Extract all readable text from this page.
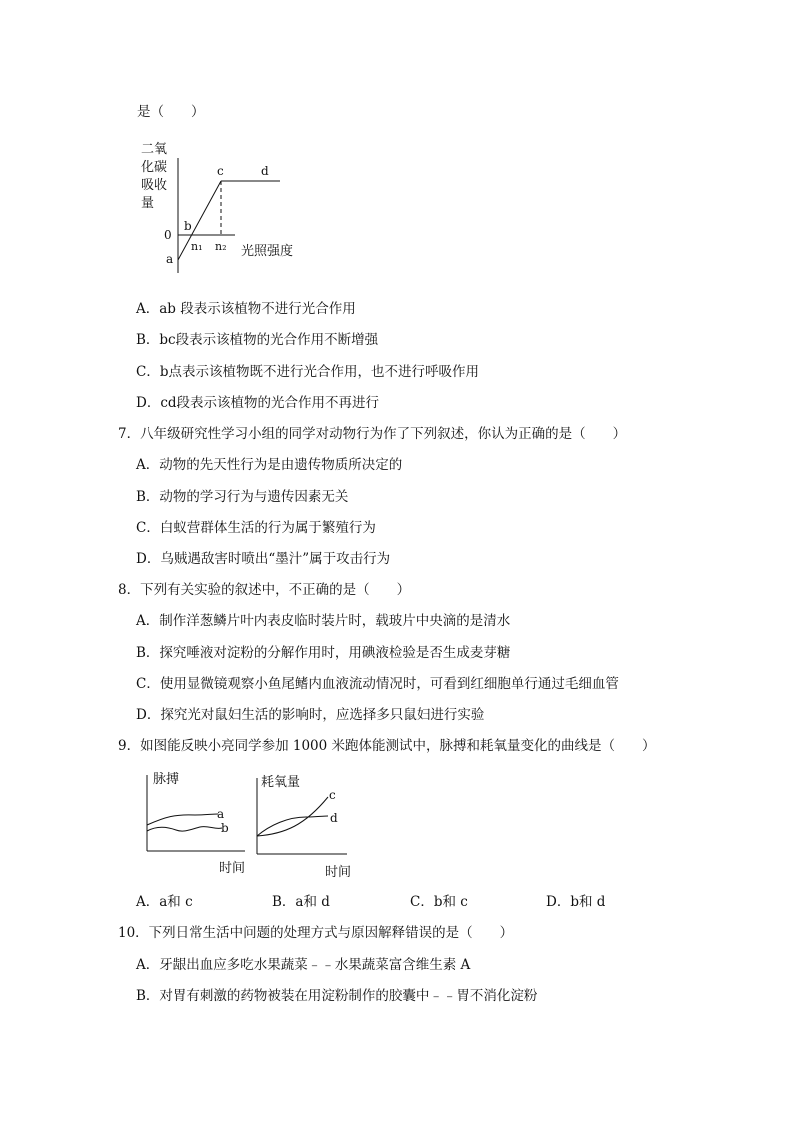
是（　　）
二氧
化碳
吸收
量
0
a
b
c	d
n₁ n₂ 光照强度
A．ab 段表示该植物不进行光合作用
B．bc段表示该植物的光合作用不断增强
C．b点表示该植物既不进行光合作用，也不进行呼吸作用
D．cd段表示该植物的光合作用不再进行
7．八年级研究性学习小组的同学对动物行为作了下列叙述，你认为正确的是（　　）
A．动物的先天性行为是由遗传物质所决定的
B．动物的学习行为与遗传因素无关
C．白蚁营群体生活的行为属于繁殖行为
D．乌贼遇敌害时喷出“墨汁”属于攻击行为
8．下列有关实验的叙述中，不正确的是（　　）
A．制作洋葱鳞片叶内表皮临时装片时，载玻片中央滴的是清水
B．探究唾液对淀粉的分解作用时，用碘液检验是否生成麦芽糖
C．使用显微镜观察小鱼尾鳍内血液流动情况时，可看到红细胞单行通过毛细血管
D．探究光对鼠妇生活的影响时，应选择多只鼠妇进行实验
9．如图能反映小亮同学参加 1000 米跑体能测试中，脉搏和耗氧量变化的曲线是（　　）
脉搏
a
b
时间
耗氧量
c
d
时间
A．a和 c	B．a和 d	C．b和 c	D．b和 d
10．下列日常生活中问题的处理方式与原因解释错误的是（　　）
A．牙龈出血应多吃水果蔬菜﹣﹣水果蔬菜富含维生素 A
B．对胃有刺激的药物被装在用淀粉制作的胶囊中﹣﹣胃不消化淀粉
